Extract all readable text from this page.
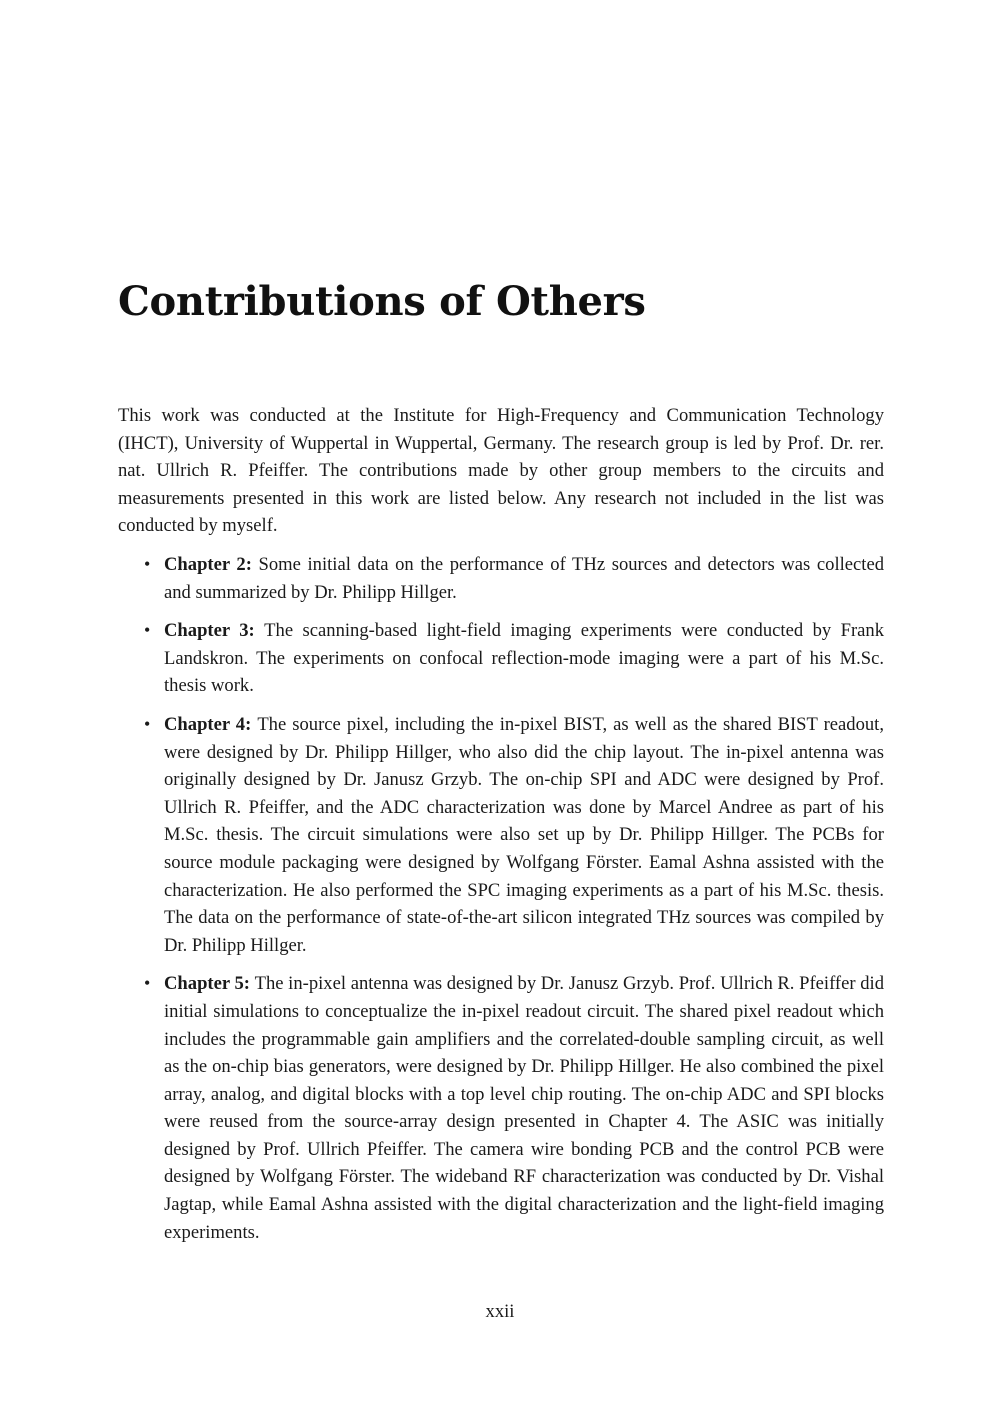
Contributions of Others

This work was conducted at the Institute for High-Frequency and Communication Technology (IHCT), University of Wuppertal in Wuppertal, Germany. The research group is led by Prof. Dr. rer. nat. Ullrich R. Pfeiffer. The contributions made by other group members to the circuits and measurements presented in this work are listed below. Any research not included in the list was conducted by myself.

• Chapter 2: Some initial data on the performance of THz sources and detectors was collected and summarized by Dr. Philipp Hillger.
• Chapter 3: The scanning-based light-field imaging experiments were conducted by Frank Landskron. The experiments on confocal reflection-mode imaging were a part of his M.Sc. thesis work.
• Chapter 4: The source pixel, including the in-pixel BIST, as well as the shared BIST readout, were designed by Dr. Philipp Hillger, who also did the chip layout. The in-pixel antenna was originally designed by Dr. Janusz Grzyb. The on-chip SPI and ADC were designed by Prof. Ullrich R. Pfeiffer, and the ADC characterization was done by Marcel Andree as part of his M.Sc. thesis. The circuit simulations were also set up by Dr. Philipp Hillger. The PCBs for source module packaging were designed by Wolfgang Förster. Eamal Ashna assisted with the characterization. He also performed the SPC imaging experiments as a part of his M.Sc. thesis. The data on the performance of state-of-the-art silicon integrated THz sources was compiled by Dr. Philipp Hillger.
• Chapter 5: The in-pixel antenna was designed by Dr. Janusz Grzyb. Prof. Ullrich R. Pfeiffer did initial simulations to conceptualize the in-pixel readout circuit. The shared pixel readout which includes the programmable gain amplifiers and the correlated-double sampling circuit, as well as the on-chip bias generators, were designed by Dr. Philipp Hillger. He also combined the pixel array, analog, and digital blocks with a top level chip routing. The on-chip ADC and SPI blocks were reused from the source-array design presented in Chapter 4. The ASIC was initially designed by Prof. Ullrich Pfeiffer. The camera wire bonding PCB and the control PCB were designed by Wolfgang Förster. The wideband RF characterization was conducted by Dr. Vishal Jagtap, while Eamal Ashna assisted with the digital characterization and the light-field imaging experiments.
xxii
